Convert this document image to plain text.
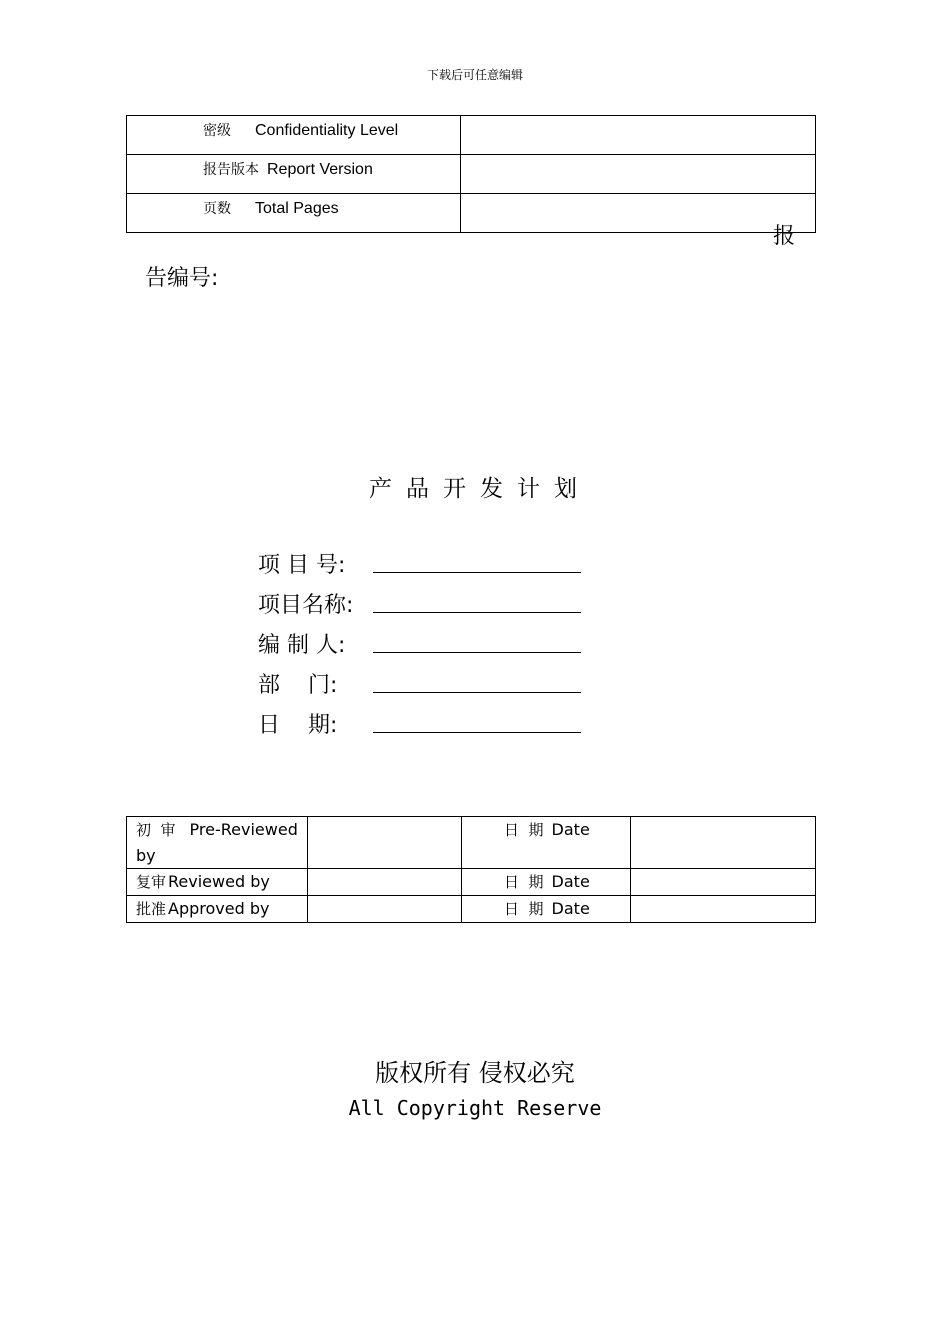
下载后可任意编辑
密级 Confidentiality Level	
报告版本 Report Version	
页数 Total Pages	
报
告编号:
产品开发计划
项 目 号:
项目名称:
编 制 人:
部    门:
日    期:
初  审 Pre-Reviewed by		日  期 Date	
复审 Reviewed by		日  期 Date	
批准 Approved by		日  期 Date	
版权所有 侵权必究
All Copyright Reserve
